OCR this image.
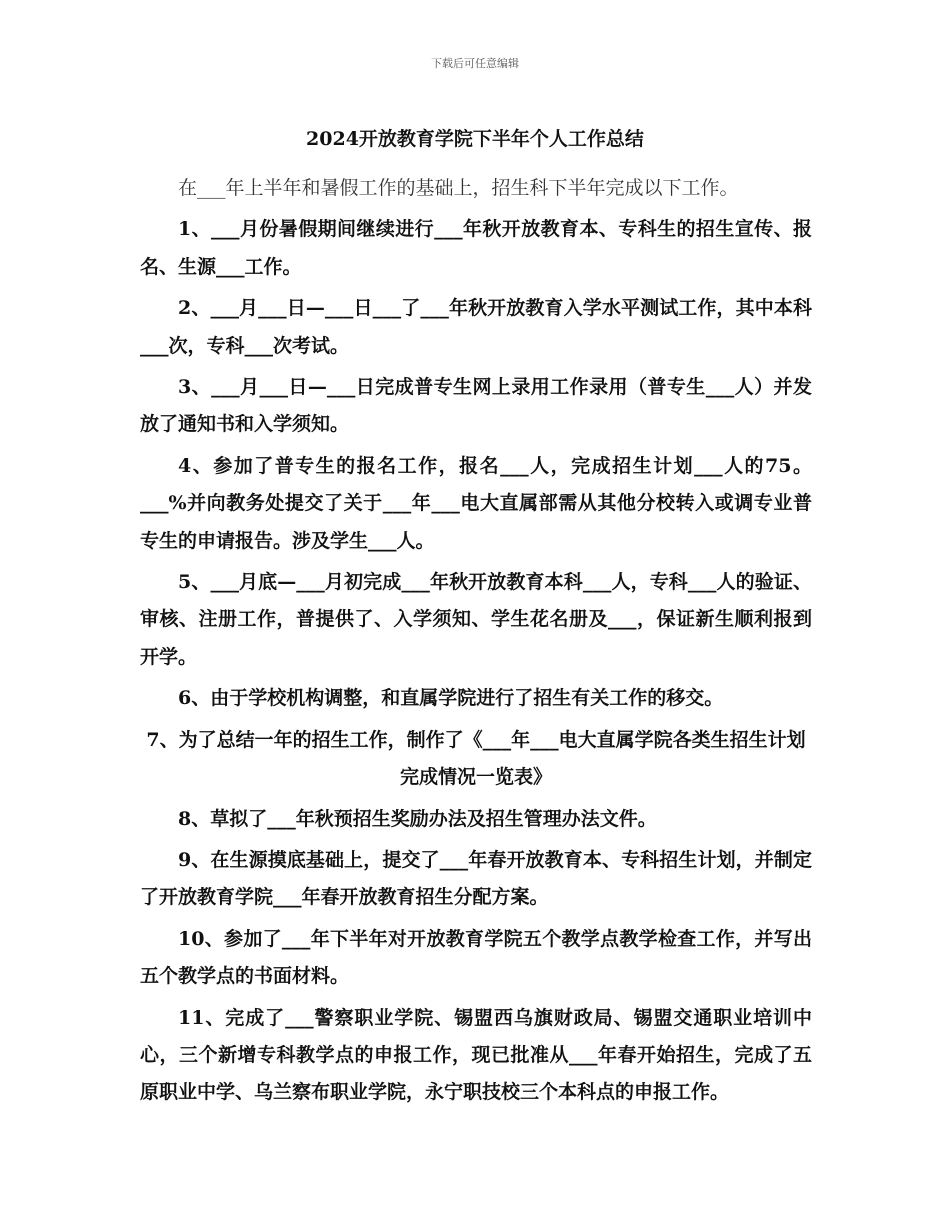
下载后可任意编辑
2024开放教育学院下半年个人工作总结

在___年上半年和暑假工作的基础上，招生科下半年完成以下工作。

1、___月份暑假期间继续进行___年秋开放教育本、专科生的招生宣传、报名、生源___工作。

2、___月___日—___日___了___年秋开放教育入学水平测试工作，其中本科___次，专科___次考试。

3、___月___日—___日完成普专生网上录用工作录用（普专生___人）并发放了通知书和入学须知。

4、参加了普专生的报名工作，报名___人，完成招生计划___人的75。___%并向教务处提交了关于___年___电大直属部需从其他分校转入或调专业普专生的申请报告。涉及学生___人。

5、___月底—___月初完成___年秋开放教育本科___人，专科___人的验证、审核、注册工作，普提供了、入学须知、学生花名册及___，保证新生顺利报到开学。

6、由于学校机构调整，和直属学院进行了招生有关工作的移交。

7、为了总结一年的招生工作，制作了《___年___电大直属学院各类生招生计划完成情况一览表》

8、草拟了___年秋预招生奖励办法及招生管理办法文件。

9、在生源摸底基础上，提交了___年春开放教育本、专科招生计划，并制定了开放教育学院___年春开放教育招生分配方案。

10、参加了___年下半年对开放教育学院五个教学点教学检查工作，并写出五个教学点的书面材料。

11、完成了___警察职业学院、锡盟西乌旗财政局、锡盟交通职业培训中心，三个新增专科教学点的申报工作，现已批准从___年春开始招生，完成了五原职业中学、乌兰察布职业学院，永宁职技校三个本科点的申报工作。
